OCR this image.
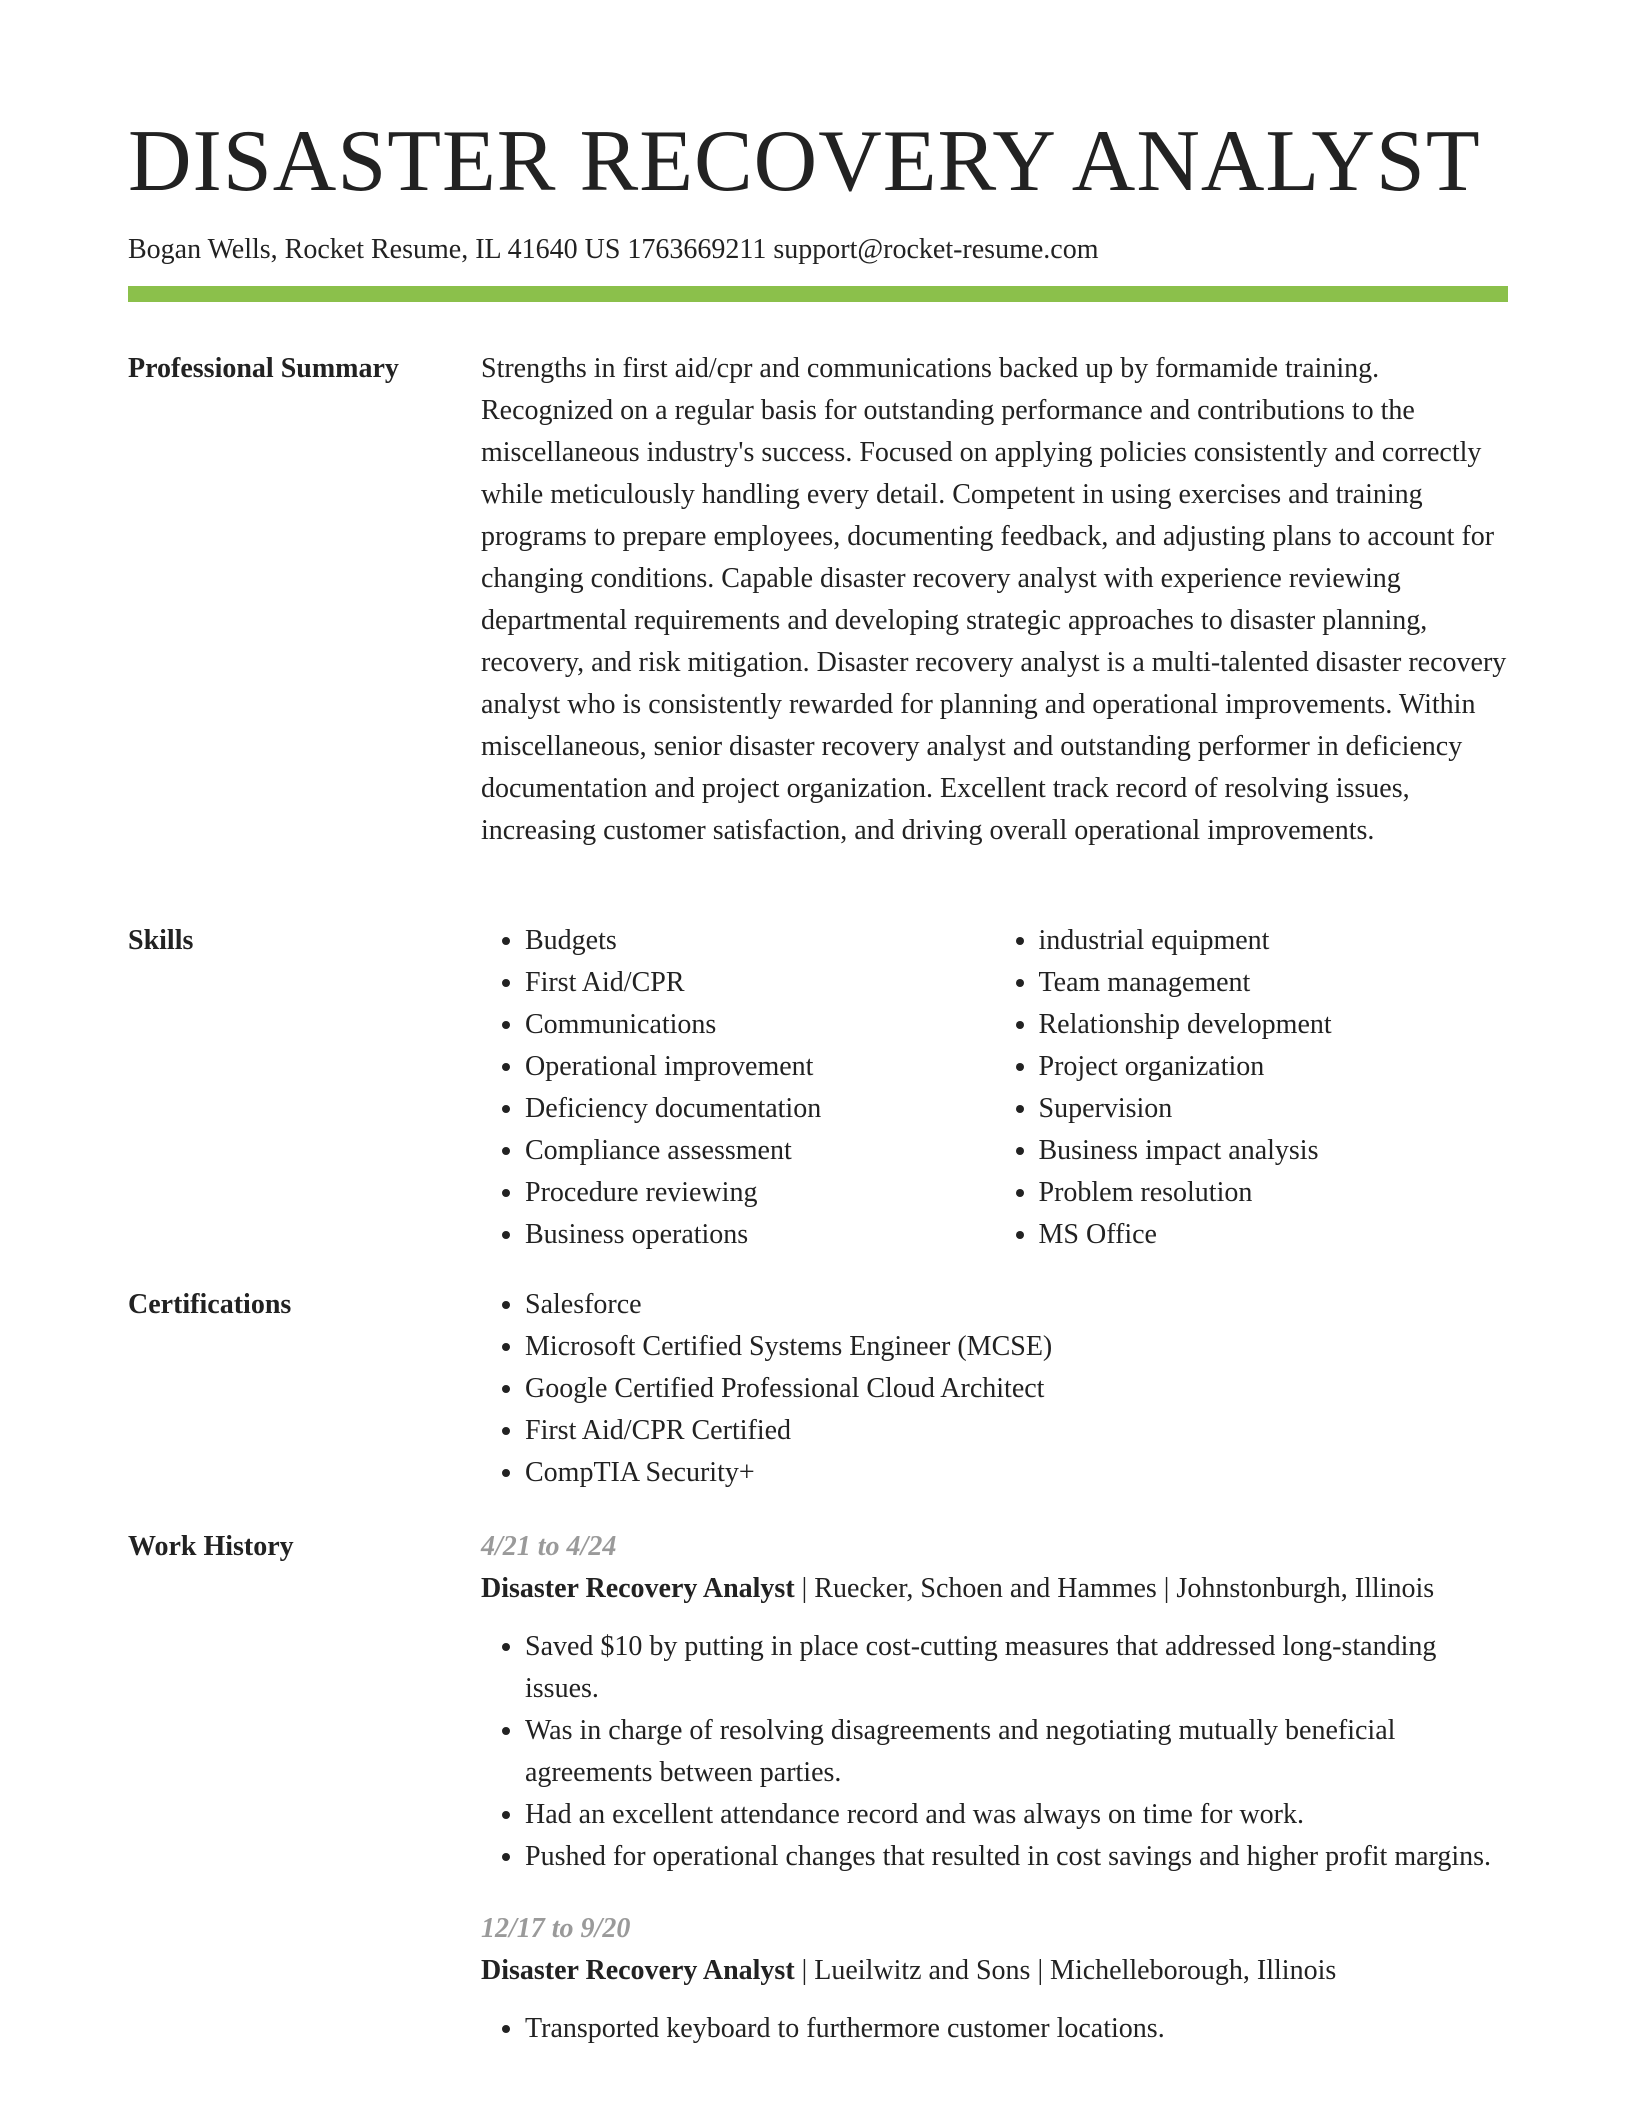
DISASTER RECOVERY ANALYST
Bogan Wells, Rocket Resume, IL 41640 US 1763669211 support@rocket-resume.com
Professional Summary	Strengths in first aid/cpr and communications backed up by formamide training. Recognized on a regular basis for outstanding performance and contributions to the miscellaneous industry's success. Focused on applying policies consistently and correctly while meticulously handling every detail. Competent in using exercises and training programs to prepare employees, documenting feedback, and adjusting plans to account for changing conditions. Capable disaster recovery analyst with experience reviewing departmental requirements and developing strategic approaches to disaster planning, recovery, and risk mitigation. Disaster recovery analyst is a multi-talented disaster recovery analyst who is consistently rewarded for planning and operational improvements. Within miscellaneous, senior disaster recovery analyst and outstanding performer in deficiency documentation and project organization. Excellent track record of resolving issues, increasing customer satisfaction, and driving overall operational improvements.

Skills	• Budgets
• First Aid/CPR
• Communications
• Operational improvement
• Deficiency documentation
• Compliance assessment
• Procedure reviewing
• Business operations
• industrial equipment
• Team management
• Relationship development
• Project organization
• Supervision
• Business impact analysis
• Problem resolution
• MS Office
Certifications	• Salesforce
• Microsoft Certified Systems Engineer (MCSE)
• Google Certified Professional Cloud Architect
• First Aid/CPR Certified
• CompTIA Security+
Work History	4/21 to 4/24
Disaster Recovery Analyst | Ruecker, Schoen and Hammes | Johnstonburgh, Illinois
• Saved $10 by putting in place cost-cutting measures that addressed long-standing issues.
• Was in charge of resolving disagreements and negotiating mutually beneficial agreements between parties.
• Had an excellent attendance record and was always on time for work.
• Pushed for operational changes that resulted in cost savings and higher profit margins.
12/17 to 9/20
Disaster Recovery Analyst | Lueilwitz and Sons | Michelleborough, Illinois
• Transported keyboard to furthermore customer locations.
